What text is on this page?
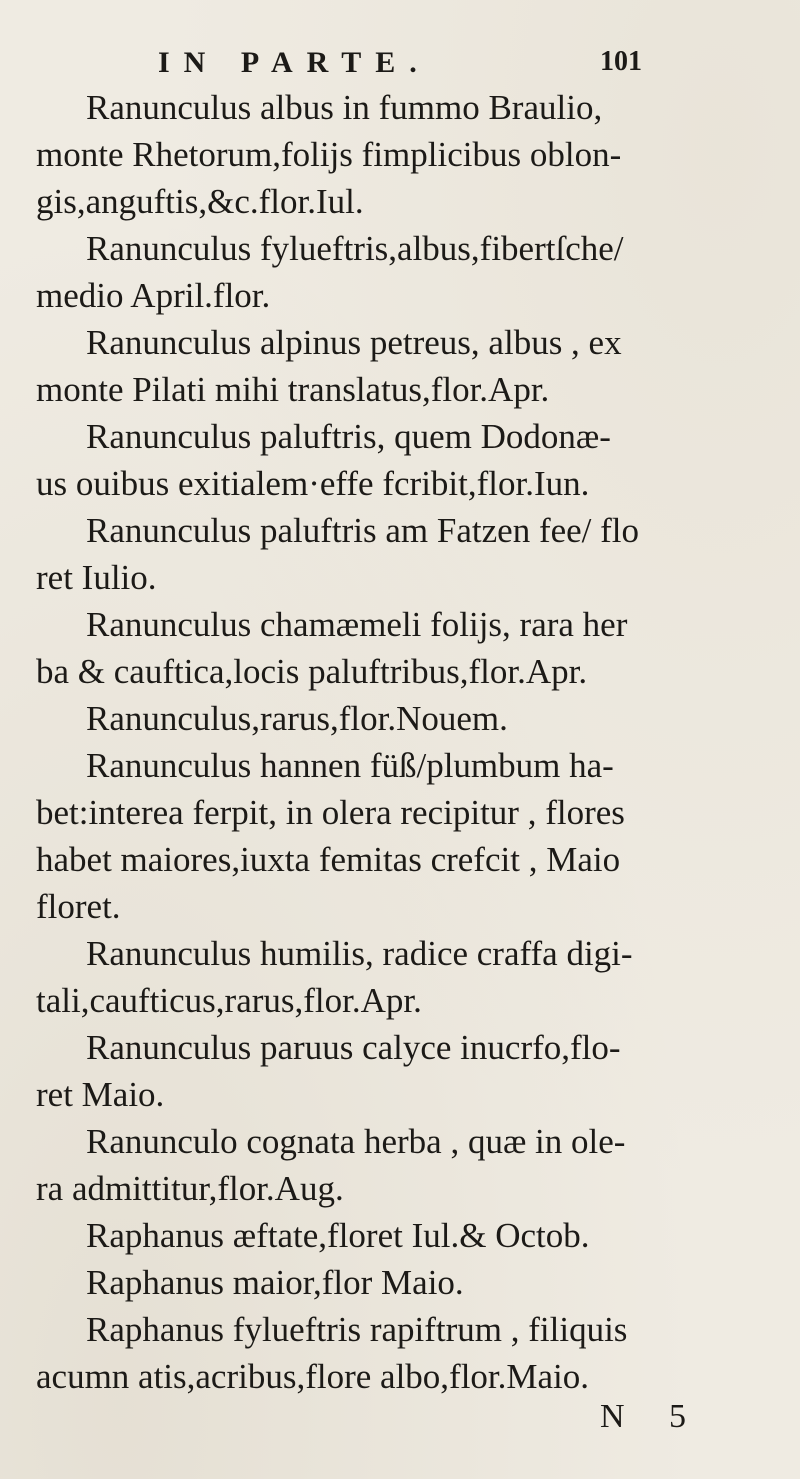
IN PARTE.	101
Ranunculus albus in fummo Braulio,
monte Rhetorum,folijs fimplicibus oblon-
gis,anguftis,&c.flor.Iul.
Ranunculus fylueftris,albus,fibertſche/
medio April.flor.
Ranunculus alpinus petreus, albus , ex
monte Pilati mihi translatus,flor.Apr.
Ranunculus paluftris, quem Dodonæ-
us ouibus exitialem·effe fcribit,flor.Iun.
Ranunculus paluftris am Fatzen fee/ flo
ret Iulio.
Ranunculus chamæmeli folijs, rara her
ba & cauftica,locis paluftribus,flor.Apr.
Ranunculus,rarus,flor.Nouem.
Ranunculus hannen füß/plumbum ha-
bet:interea ferpit, in olera recipitur , flores
habet maiores,iuxta femitas crefcit , Maio
floret.
Ranunculus humilis, radice craffa digi-
tali,caufticus,rarus,flor.Apr.
Ranunculus paruus calyce inucrfo,flo-
ret Maio.
Ranunculo cognata herba , quæ in ole-
ra admittitur,flor.Aug.
Raphanus æftate,floret Iul.& Octob.
Raphanus maior,flor Maio.
Raphanus fylueftris rapiftrum , filiquis
acumn atis,acribus,flore albo,flor.Maio.
N 5
